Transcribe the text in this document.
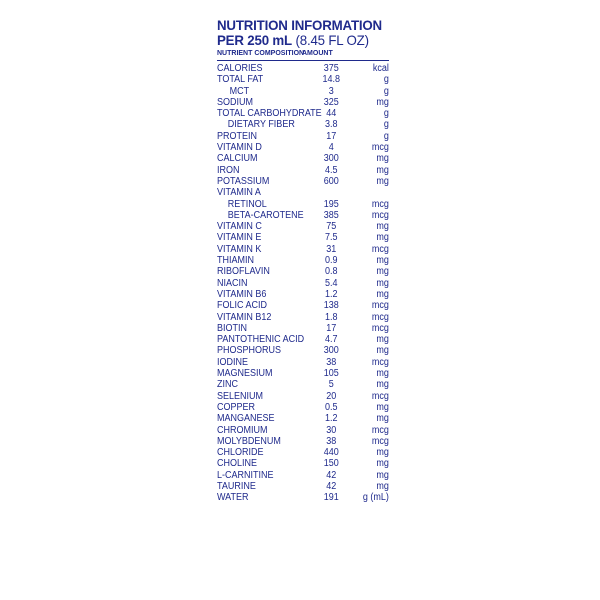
NUTRITION INFORMATION
PER 250 mL (8.45 FL OZ)
NUTRIENT COMPOSITION
AMOUNT
CALORIES	375	kcal
TOTAL FAT	14.8	g
MCT	3	g
SODIUM	325	mg
TOTAL CARBOHYDRATE 44	g
DIETARY FIBER	3.8	g
PROTEIN	17	g
VITAMIN D	4	mcg
CALCIUM	300	mg
IRON	4.5	mg
POTASSIUM	600	mg
VITAMIN A
RETINOL	195	mcg
BETA-CAROTENE	385	mcg
VITAMIN C	75	mg
VITAMIN E	7.5	mg
VITAMIN K	31	mcg
THIAMIN	0.9	mg
RIBOFLAVIN	0.8	mg
NIACIN	5.4	mg
VITAMIN B6	1.2	mg
FOLIC ACID	138	mcg
VITAMIN B12	1.8	mcg
BIOTIN	17	mcg
PANTOTHENIC ACID	4.7	mg
PHOSPHORUS	300	mg
IODINE	38	mcg
MAGNESIUM	105	mg
ZINC	5	mg
SELENIUM	20	mcg
COPPER	0.5	mg
MANGANESE	1.2	mg
CHROMIUM	30	mcg
MOLYBDENUM	38	mcg
CHLORIDE	440	mg
CHOLINE	150	mg
L-CARNITINE	42	mg
TAURINE	42	mg
WATER	191	g (mL)
